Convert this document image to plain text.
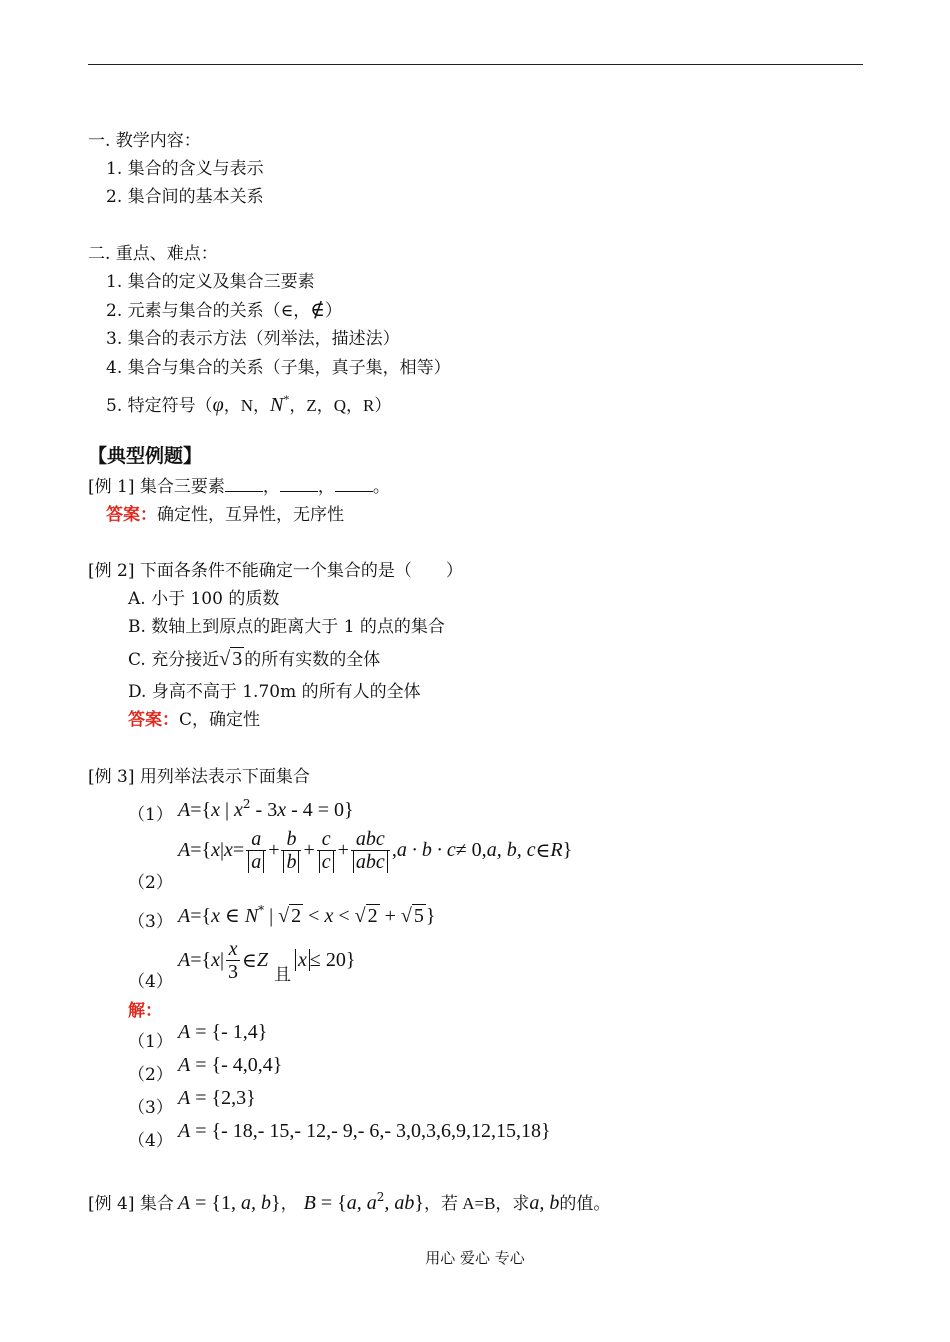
一. 教学内容：
1. 集合的含义与表示
2. 集合间的基本关系
二. 重点、难点：
1. 集合的定义及集合三要素
2. 元素与集合的关系（∈，∉）
3. 集合的表示方法（列举法，描述法）
4. 集合与集合的关系（子集，真子集，相等）
5. 特定符号（φ，N，N*，Z，Q，R）
【典型例题】
[例 1] 集合三要素 ， ， 。
答案：确定性，互异性，无序性
[例 2] 下面各条件不能确定一个集合的是（　　）
A. 小于 100 的质数
B. 数轴上到原点的距离大于 1 的点的集合
C. 充分接近√ 3 的所有实数的全体
D. 身高不高于 1.70m 的所有人的全体
答案：C，确定性
[例 3] 用列举法表示下面集合
（1） A={x | $x^2 - 3x - 4 = 0$}
（2）
A ={ x | $x = \frac{a}{a} + \frac{b}{b} + \frac{c}{c} + \frac{\text{abc}}{\text{abc}}$ , a · b · c ≠ 0, a, b, c ∈ R }
（3） A={x ∈ N* | √ 2 < x < √ 2 + √ 5 }
（4）
A ={ x | $\frac{x}{3}$ ∈ Z
且
x ≤ 20}
解：
（1） A = {- 1,4}
（2） A = {- 4,0,4}
（3） A = {2,3}
（4） A = {- 18,- 15,- 12,- 9,- 6,- 3,0,3,6,9,12,15,18}
[例 4] 集合 A = {1, a, b}， B = {a, $a^2$, ab}，若 A=B，求a, b的值。
用心 爱心 专心
